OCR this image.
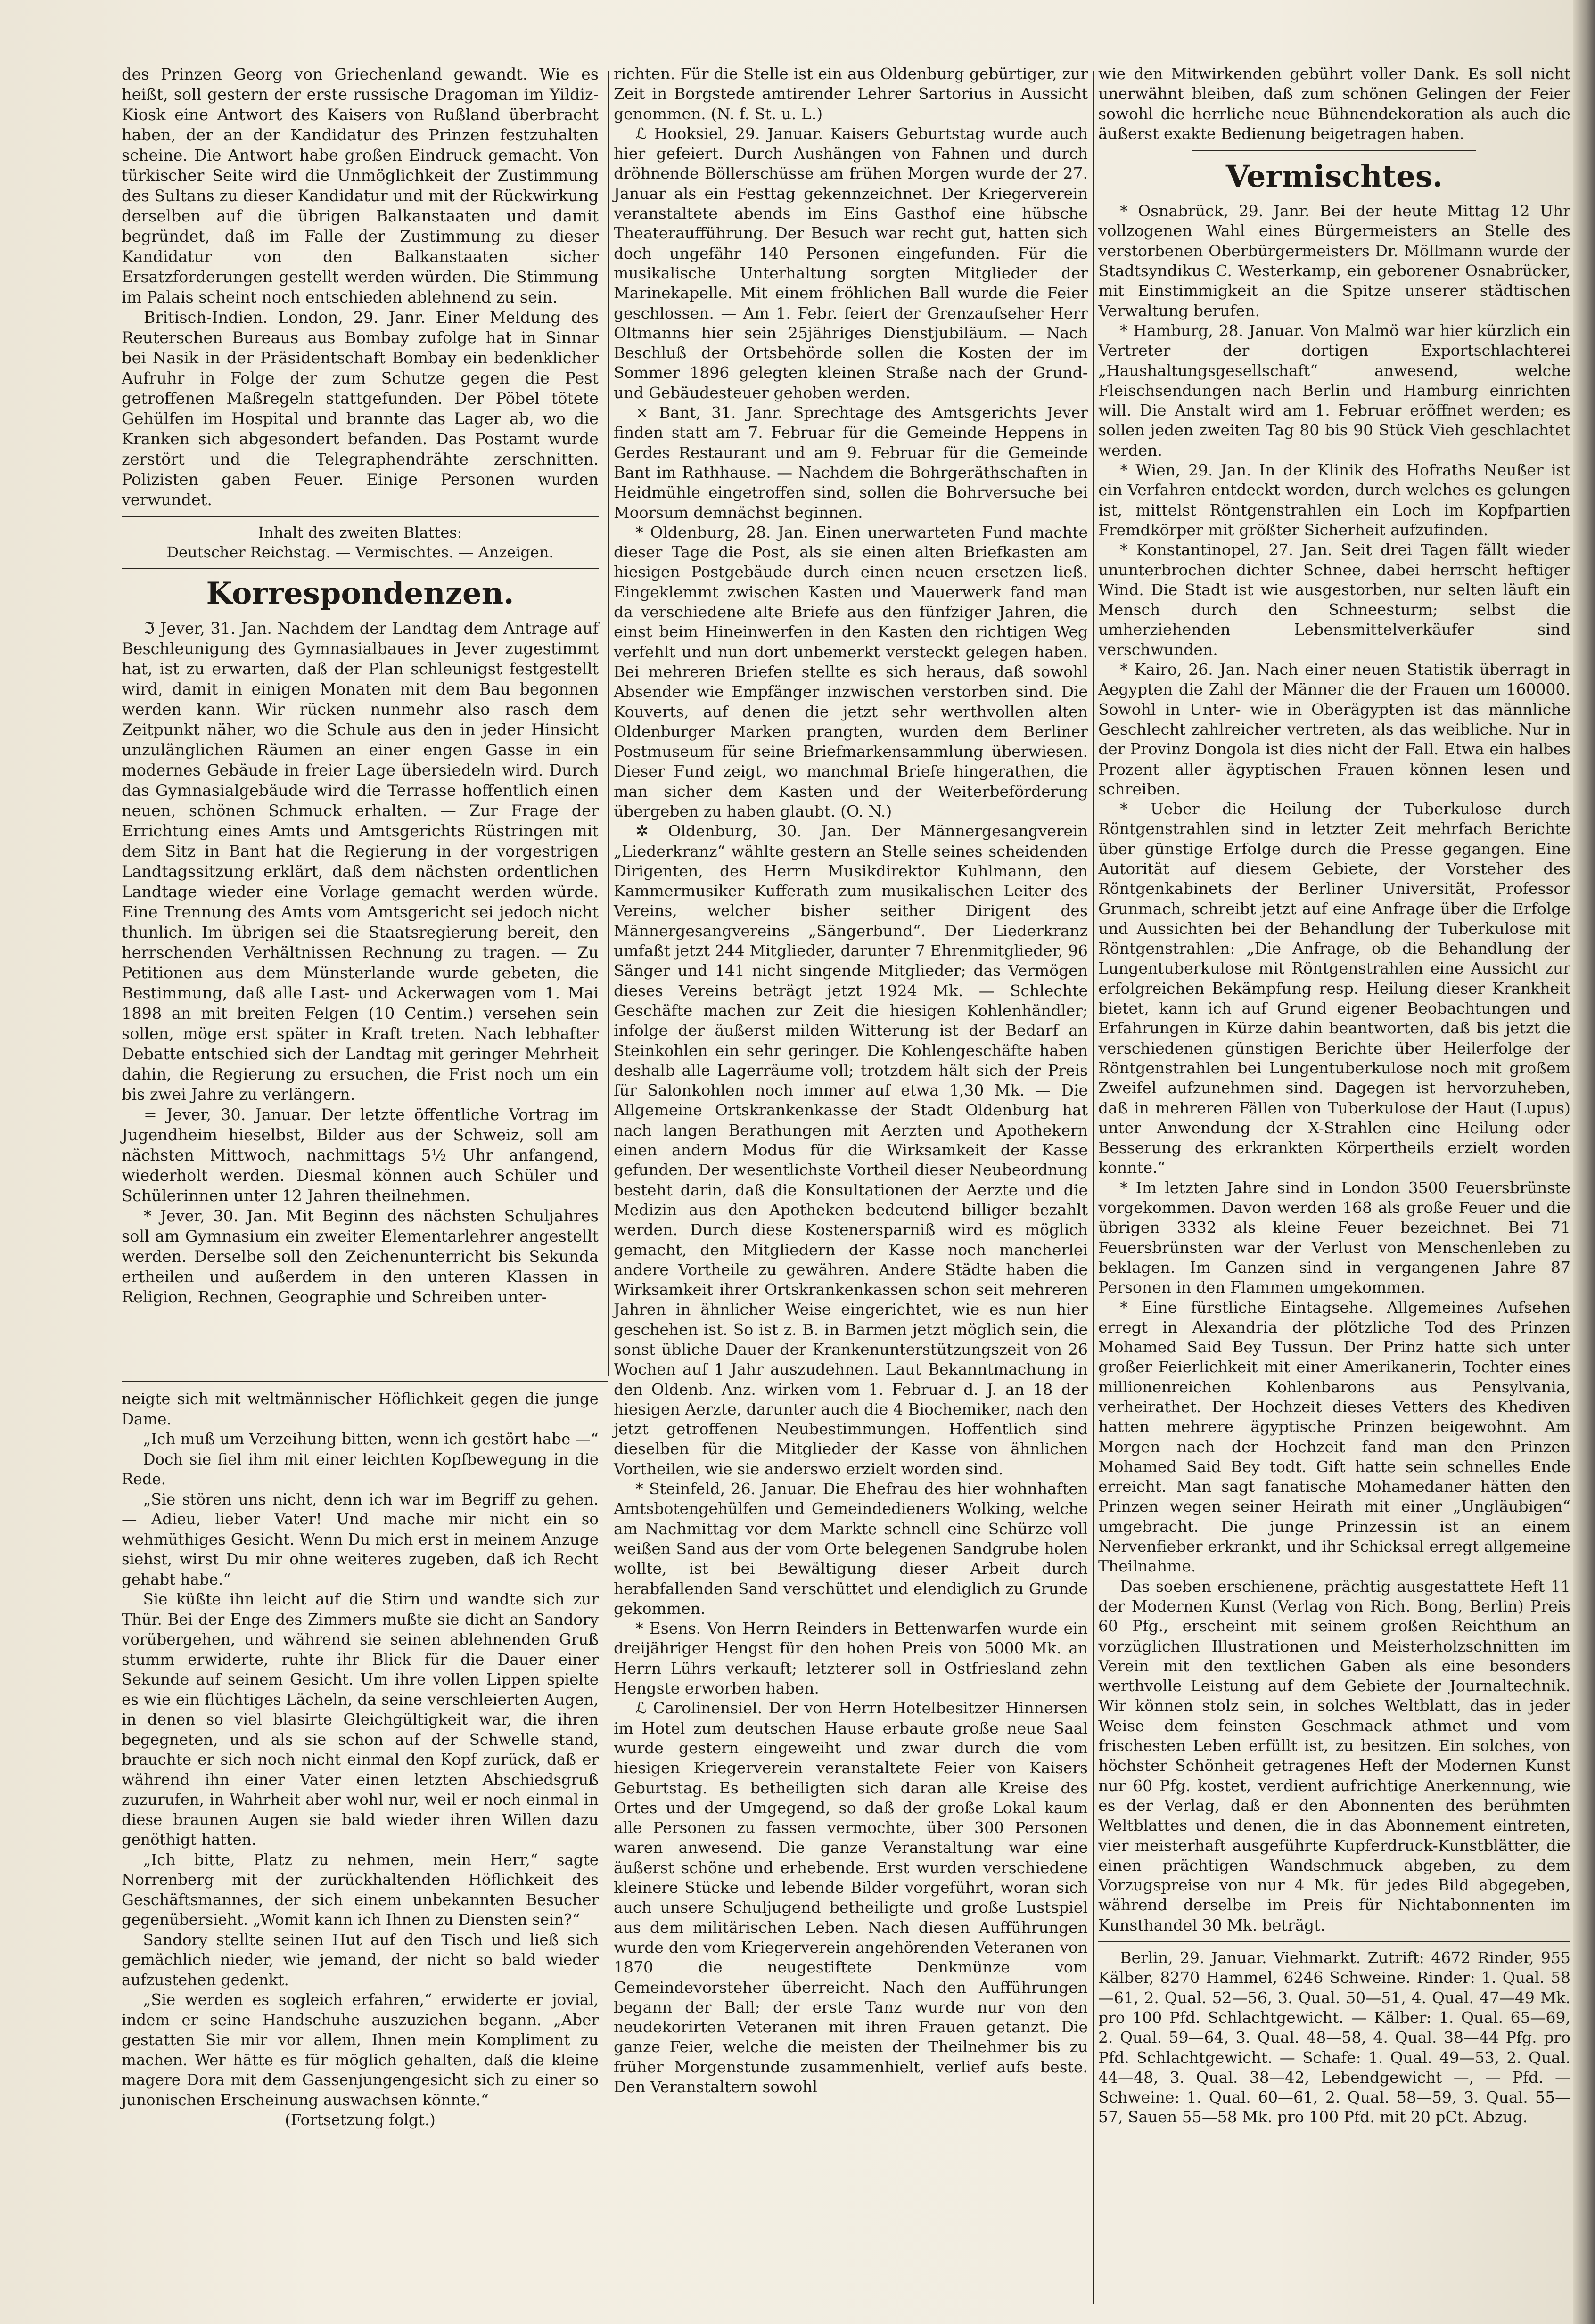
des Prinzen Georg von Griechenland gewandt. Wie es heißt, soll gestern der erste russische Dragoman im Yildiz-Kiosk eine Antwort des Kaisers von Rußland überbracht haben, der an der Kandidatur des Prinzen festzuhalten scheine. Die Antwort habe großen Eindruck gemacht. Von türkischer Seite wird die Unmöglichkeit der Zustimmung des Sultans zu dieser Kandidatur und mit der Rückwirkung derselben auf die übrigen Balkanstaaten und damit begründet, daß im Falle der Zustimmung zu dieser Kandidatur von den Balkanstaaten sicher Ersatzforderungen gestellt werden würden. Die Stimmung im Palais scheint noch entschieden ablehnend zu sein.

Britisch-Indien. London, 29. Janr. Einer Meldung des Reuterschen Bureaus aus Bombay zufolge hat in Sinnar bei Nasik in der Präsidentschaft Bombay ein bedenklicher Aufruhr in Folge der zum Schutze gegen die Pest getroffenen Maßregeln stattgefunden. Der Pöbel tötete Gehülfen im Hospital und brannte das Lager ab, wo die Kranken sich abgesondert befanden. Das Postamt wurde zerstört und die Telegraphendrähte zerschnitten. Polizisten gaben Feuer. Einige Personen wurden verwundet.

Inhalt des zweiten Blattes:
Deutscher Reichstag. — Vermischtes. — Anzeigen.
Korrespondenzen.

ℑ Jever, 31. Jan. Nachdem der Landtag dem Antrage auf Beschleunigung des Gymnasialbaues in Jever zugestimmt hat, ist zu erwarten, daß der Plan schleunigst festgestellt wird, damit in einigen Monaten mit dem Bau begonnen werden kann. Wir rücken nunmehr also rasch dem Zeitpunkt näher, wo die Schule aus den in jeder Hinsicht unzulänglichen Räumen an einer engen Gasse in ein modernes Gebäude in freier Lage übersiedeln wird. Durch das Gymnasialgebäude wird die Terrasse hoffentlich einen neuen, schönen Schmuck erhalten. — Zur Frage der Errichtung eines Amts und Amtsgerichts Rüstringen mit dem Sitz in Bant hat die Regierung in der vorgestrigen Landtagssitzung erklärt, daß dem nächsten ordentlichen Landtage wieder eine Vorlage gemacht werden würde. Eine Trennung des Amts vom Amtsgericht sei jedoch nicht thunlich. Im übrigen sei die Staatsregierung bereit, den herrschenden Verhältnissen Rechnung zu tragen. — Zu Petitionen aus dem Münsterlande wurde gebeten, die Bestimmung, daß alle Last- und Ackerwagen vom 1. Mai 1898 an mit breiten Felgen (10 Centim.) versehen sein sollen, möge erst später in Kraft treten. Nach lebhafter Debatte entschied sich der Landtag mit geringer Mehrheit dahin, die Regierung zu ersuchen, die Frist noch um ein bis zwei Jahre zu verlängern.

= Jever, 30. Januar. Der letzte öffentliche Vortrag im Jugendheim hieselbst, Bilder aus der Schweiz, soll am nächsten Mittwoch, nachmittags 5½ Uhr anfangend, wiederholt werden. Diesmal können auch Schüler und Schülerinnen unter 12 Jahren theilnehmen.

* Jever, 30. Jan. Mit Beginn des nächsten Schuljahres soll am Gymnasium ein zweiter Elementarlehrer angestellt werden. Derselbe soll den Zeichenunterricht bis Sekunda ertheilen und außerdem in den unteren Klassen in Religion, Rechnen, Geographie und Schreiben unter-

neigte sich mit weltmännischer Höflichkeit gegen die junge Dame.

„Ich muß um Verzeihung bitten, wenn ich gestört habe —“

Doch sie fiel ihm mit einer leichten Kopfbewegung in die Rede.

„Sie stören uns nicht, denn ich war im Begriff zu gehen. — Adieu, lieber Vater! Und mache mir nicht ein so wehmüthiges Gesicht. Wenn Du mich erst in meinem Anzuge siehst, wirst Du mir ohne weiteres zugeben, daß ich Recht gehabt habe.“

Sie küßte ihn leicht auf die Stirn und wandte sich zur Thür. Bei der Enge des Zimmers mußte sie dicht an Sandory vorübergehen, und während sie seinen ablehnenden Gruß stumm erwiderte, ruhte ihr Blick für die Dauer einer Sekunde auf seinem Gesicht. Um ihre vollen Lippen spielte es wie ein flüchtiges Lächeln, da seine verschleierten Augen, in denen so viel blasirte Gleichgültigkeit war, die ihren begegneten, und als sie schon auf der Schwelle stand, brauchte er sich noch nicht einmal den Kopf zurück, daß er während ihn einer Vater einen letzten Abschiedsgruß zuzurufen, in Wahrheit aber wohl nur, weil er noch einmal in diese braunen Augen sie bald wieder ihren Willen dazu genöthigt hatten.

„Ich bitte, Platz zu nehmen, mein Herr,“ sagte Norrenberg mit der zurückhaltenden Höflichkeit des Geschäftsmannes, der sich einem unbekannten Besucher gegenübersieht. „Womit kann ich Ihnen zu Diensten sein?“

Sandory stellte seinen Hut auf den Tisch und ließ sich gemächlich nieder, wie jemand, der nicht so bald wieder aufzustehen gedenkt.

„Sie werden es sogleich erfahren,“ erwiderte er jovial, indem er seine Handschuhe auszuziehen begann. „Aber gestatten Sie mir vor allem, Ihnen mein Kompliment zu machen. Wer hätte es für möglich gehalten, daß die kleine magere Dora mit dem Gassenjungengesicht sich zu einer so junonischen Erscheinung auswachsen könnte.“

(Fortsetzung folgt.)

richten. Für die Stelle ist ein aus Oldenburg gebürtiger, zur Zeit in Borgstede amtirender Lehrer Sartorius in Aussicht genommen. (N. f. St. u. L.)

ℒ Hooksiel, 29. Januar. Kaisers Geburtstag wurde auch hier gefeiert. Durch Aushängen von Fahnen und durch dröhnende Böllerschüsse am frühen Morgen wurde der 27. Januar als ein Festtag gekennzeichnet. Der Kriegerverein veranstaltete abends im Eins Gasthof eine hübsche Theateraufführung. Der Besuch war recht gut, hatten sich doch ungefähr 140 Personen eingefunden. Für die musikalische Unterhaltung sorgten Mitglieder der Marinekapelle. Mit einem fröhlichen Ball wurde die Feier geschlossen. — Am 1. Febr. feiert der Grenzaufseher Herr Oltmanns hier sein 25jähriges Dienstjubiläum. — Nach Beschluß der Ortsbehörde sollen die Kosten der im Sommer 1896 gelegten kleinen Straße nach der Grund- und Gebäudesteuer gehoben werden.

⨯ Bant, 31. Janr. Sprechtage des Amtsgerichts Jever finden statt am 7. Februar für die Gemeinde Heppens in Gerdes Restaurant und am 9. Februar für die Gemeinde Bant im Rathhause. — Nachdem die Bohrgeräthschaften in Heidmühle eingetroffen sind, sollen die Bohrversuche bei Moorsum demnächst beginnen.

* Oldenburg, 28. Jan. Einen unerwarteten Fund machte dieser Tage die Post, als sie einen alten Briefkasten am hiesigen Postgebäude durch einen neuen ersetzen ließ. Eingeklemmt zwischen Kasten und Mauerwerk fand man da verschiedene alte Briefe aus den fünfziger Jahren, die einst beim Hineinwerfen in den Kasten den richtigen Weg verfehlt und nun dort unbemerkt versteckt gelegen haben. Bei mehreren Briefen stellte es sich heraus, daß sowohl Absender wie Empfänger inzwischen verstorben sind. Die Kouverts, auf denen die jetzt sehr werthvollen alten Oldenburger Marken prangten, wurden dem Berliner Postmuseum für seine Briefmarkensammlung überwiesen. Dieser Fund zeigt, wo manchmal Briefe hingerathen, die man sicher dem Kasten und der Weiterbeförderung übergeben zu haben glaubt. (O. N.)

✲ Oldenburg, 30. Jan. Der Männergesangverein „Liederkranz“ wählte gestern an Stelle seines scheidenden Dirigenten, des Herrn Musikdirektor Kuhlmann, den Kammermusiker Kufferath zum musikalischen Leiter des Vereins, welcher bisher seither Dirigent des Männergesangvereins „Sängerbund“. Der Liederkranz umfaßt jetzt 244 Mitglieder, darunter 7 Ehrenmitglieder, 96 Sänger und 141 nicht singende Mitglieder; das Vermögen dieses Vereins beträgt jetzt 1924 Mk. — Schlechte Geschäfte machen zur Zeit die hiesigen Kohlenhändler; infolge der äußerst milden Witterung ist der Bedarf an Steinkohlen ein sehr geringer. Die Kohlengeschäfte haben deshalb alle Lagerräume voll; trotzdem hält sich der Preis für Salonkohlen noch immer auf etwa 1,30 Mk. — Die Allgemeine Ortskrankenkasse der Stadt Oldenburg hat nach langen Berathungen mit Aerzten und Apothekern einen andern Modus für die Wirksamkeit der Kasse gefunden. Der wesentlichste Vortheil dieser Neubeordnung besteht darin, daß die Konsultationen der Aerzte und die Medizin aus den Apotheken bedeutend billiger bezahlt werden. Durch diese Kostenersparniß wird es möglich gemacht, den Mitgliedern der Kasse noch mancherlei andere Vortheile zu gewähren. Andere Städte haben die Wirksamkeit ihrer Ortskrankenkassen schon seit mehreren Jahren in ähnlicher Weise eingerichtet, wie es nun hier geschehen ist. So ist z. B. in Barmen jetzt möglich sein, die sonst übliche Dauer der Krankenunterstützungszeit von 26 Wochen auf 1 Jahr auszudehnen. Laut Bekanntmachung in den Oldenb. Anz. wirken vom 1. Februar d. J. an 18 der hiesigen Aerzte, darunter auch die 4 Biochemiker, nach den jetzt getroffenen Neubestimmungen. Hoffentlich sind dieselben für die Mitglieder der Kasse von ähnlichen Vortheilen, wie sie anderswo erzielt worden sind.

* Steinfeld, 26. Januar. Die Ehefrau des hier wohnhaften Amtsbotengehülfen und Gemeindedieners Wolking, welche am Nachmittag vor dem Markte schnell eine Schürze voll weißen Sand aus der vom Orte belegenen Sandgrube holen wollte, ist bei Bewältigung dieser Arbeit durch herabfallenden Sand verschüttet und elendiglich zu Grunde gekommen.

* Esens. Von Herrn Reinders in Bettenwarfen wurde ein dreijähriger Hengst für den hohen Preis von 5000 Mk. an Herrn Lührs verkauft; letzterer soll in Ostfriesland zehn Hengste erworben haben.

ℒ Carolinensiel. Der von Herrn Hotelbesitzer Hinnersen im Hotel zum deutschen Hause erbaute große neue Saal wurde gestern eingeweiht und zwar durch die vom hiesigen Kriegerverein veranstaltete Feier von Kaisers Geburtstag. Es betheiligten sich daran alle Kreise des Ortes und der Umgegend, so daß der große Lokal kaum alle Personen zu fassen vermochte, über 300 Personen waren anwesend. Die ganze Veranstaltung war eine äußerst schöne und erhebende. Erst wurden verschiedene kleinere Stücke und lebende Bilder vorgeführt, woran sich auch unsere Schuljugend betheiligte und große Lustspiel aus dem militärischen Leben. Nach diesen Aufführungen wurde den vom Kriegerverein angehörenden Veteranen von 1870 die neugestiftete Denkmünze vom Gemeindevorsteher überreicht. Nach den Aufführungen begann der Ball; der erste Tanz wurde nur von den neudekorirten Veteranen mit ihren Frauen getanzt. Die ganze Feier, welche die meisten der Theilnehmer bis zu früher Morgenstunde zusammenhielt, verlief aufs beste. Den Veranstaltern sowohl

wie den Mitwirkenden gebührt voller Dank. Es soll nicht unerwähnt bleiben, daß zum schönen Gelingen der Feier sowohl die herrliche neue Bühnendekoration als auch die äußerst exakte Bedienung beigetragen haben.

Vermischtes.

* Osnabrück, 29. Janr. Bei der heute Mittag 12 Uhr vollzogenen Wahl eines Bürgermeisters an Stelle des verstorbenen Oberbürgermeisters Dr. Möllmann wurde der Stadtsyndikus C. Westerkamp, ein geborener Osnabrücker, mit Einstimmigkeit an die Spitze unserer städtischen Verwaltung berufen.

* Hamburg, 28. Januar. Von Malmö war hier kürzlich ein Vertreter der dortigen Exportschlachterei „Haushaltungsgesellschaft“ anwesend, welche Fleischsendungen nach Berlin und Hamburg einrichten will. Die Anstalt wird am 1. Februar eröffnet werden; es sollen jeden zweiten Tag 80 bis 90 Stück Vieh geschlachtet werden.

* Wien, 29. Jan. In der Klinik des Hofraths Neußer ist ein Verfahren entdeckt worden, durch welches es gelungen ist, mittelst Röntgenstrahlen ein Loch im Kopfpartien Fremdkörper mit größter Sicherheit aufzufinden.

* Konstantinopel, 27. Jan. Seit drei Tagen fällt wieder ununterbrochen dichter Schnee, dabei herrscht heftiger Wind. Die Stadt ist wie ausgestorben, nur selten läuft ein Mensch durch den Schneesturm; selbst die umherziehenden Lebensmittelverkäufer sind verschwunden.

* Kairo, 26. Jan. Nach einer neuen Statistik überragt in Aegypten die Zahl der Männer die der Frauen um 160000. Sowohl in Unter- wie in Oberägypten ist das männliche Geschlecht zahlreicher vertreten, als das weibliche. Nur in der Provinz Dongola ist dies nicht der Fall. Etwa ein halbes Prozent aller ägyptischen Frauen können lesen und schreiben.

* Ueber die Heilung der Tuberkulose durch Röntgenstrahlen sind in letzter Zeit mehrfach Berichte über günstige Erfolge durch die Presse gegangen. Eine Autorität auf diesem Gebiete, der Vorsteher des Röntgenkabinets der Berliner Universität, Professor Grunmach, schreibt jetzt auf eine Anfrage über die Erfolge und Aussichten bei der Behandlung der Tuberkulose mit Röntgenstrahlen: „Die Anfrage, ob die Behandlung der Lungentuberkulose mit Röntgenstrahlen eine Aussicht zur erfolgreichen Bekämpfung resp. Heilung dieser Krankheit bietet, kann ich auf Grund eigener Beobachtungen und Erfahrungen in Kürze dahin beantworten, daß bis jetzt die verschiedenen günstigen Berichte über Heilerfolge der Röntgenstrahlen bei Lungentuberkulose noch mit großem Zweifel aufzunehmen sind. Dagegen ist hervorzuheben, daß in mehreren Fällen von Tuberkulose der Haut (Lupus) unter Anwendung der X-Strahlen eine Heilung oder Besserung des erkrankten Körpertheils erzielt worden konnte.“

* Im letzten Jahre sind in London 3500 Feuersbrünste vorgekommen. Davon werden 168 als große Feuer und die übrigen 3332 als kleine Feuer bezeichnet. Bei 71 Feuersbrünsten war der Verlust von Menschenleben zu beklagen. Im Ganzen sind in vergangenen Jahre 87 Personen in den Flammen umgekommen.

* Eine fürstliche Eintagsehe. Allgemeines Aufsehen erregt in Alexandria der plötzliche Tod des Prinzen Mohamed Said Bey Tussun. Der Prinz hatte sich unter großer Feierlichkeit mit einer Amerikanerin, Tochter eines millionenreichen Kohlenbarons aus Pensylvania, verheirathet. Der Hochzeit dieses Vetters des Khediven hatten mehrere ägyptische Prinzen beigewohnt. Am Morgen nach der Hochzeit fand man den Prinzen Mohamed Said Bey todt. Gift hatte sein schnelles Ende erreicht. Man sagt fanatische Mohamedaner hätten den Prinzen wegen seiner Heirath mit einer „Ungläubigen“ umgebracht. Die junge Prinzessin ist an einem Nervenfieber erkrankt, und ihr Schicksal erregt allgemeine Theilnahme.

Das soeben erschienene, prächtig ausgestattete Heft 11 der Modernen Kunst (Verlag von Rich. Bong, Berlin) Preis 60 Pfg., erscheint mit seinem großen Reichthum an vorzüglichen Illustrationen und Meisterholzschnitten im Verein mit den textlichen Gaben als eine besonders werthvolle Leistung auf dem Gebiete der Journaltechnik. Wir können stolz sein, in solches Weltblatt, das in jeder Weise dem feinsten Geschmack athmet und vom frischesten Leben erfüllt ist, zu besitzen. Ein solches, von höchster Schönheit getragenes Heft der Modernen Kunst nur 60 Pfg. kostet, verdient aufrichtige Anerkennung, wie es der Verlag, daß er den Abonnenten des berühmten Weltblattes und denen, die in das Abonnement eintreten, vier meisterhaft ausgeführte Kupferdruck-Kunstblätter, die einen prächtigen Wandschmuck abgeben, zu dem Vorzugspreise von nur 4 Mk. für jedes Bild abgegeben, während derselbe im Preis für Nichtabonnenten im Kunsthandel 30 Mk. beträgt.

Berlin, 29. Januar. Viehmarkt. Zutrift: 4672 Rinder, 955 Kälber, 8270 Hammel, 6246 Schweine. Rinder: 1. Qual. 58—61, 2. Qual. 52—56, 3. Qual. 50—51, 4. Qual. 47—49 Mk. pro 100 Pfd. Schlachtgewicht. — Kälber: 1. Qual. 65—69, 2. Qual. 59—64, 3. Qual. 48—58, 4. Qual. 38—44 Pfg. pro Pfd. Schlachtgewicht. — Schafe: 1. Qual. 49—53, 2. Qual. 44—48, 3. Qual. 38—42, Lebendgewicht —, — Pfd. — Schweine: 1. Qual. 60—61, 2. Qual. 58—59, 3. Qual. 55—57, Sauen 55—58 Mk. pro 100 Pfd. mit 20 pCt. Abzug.
